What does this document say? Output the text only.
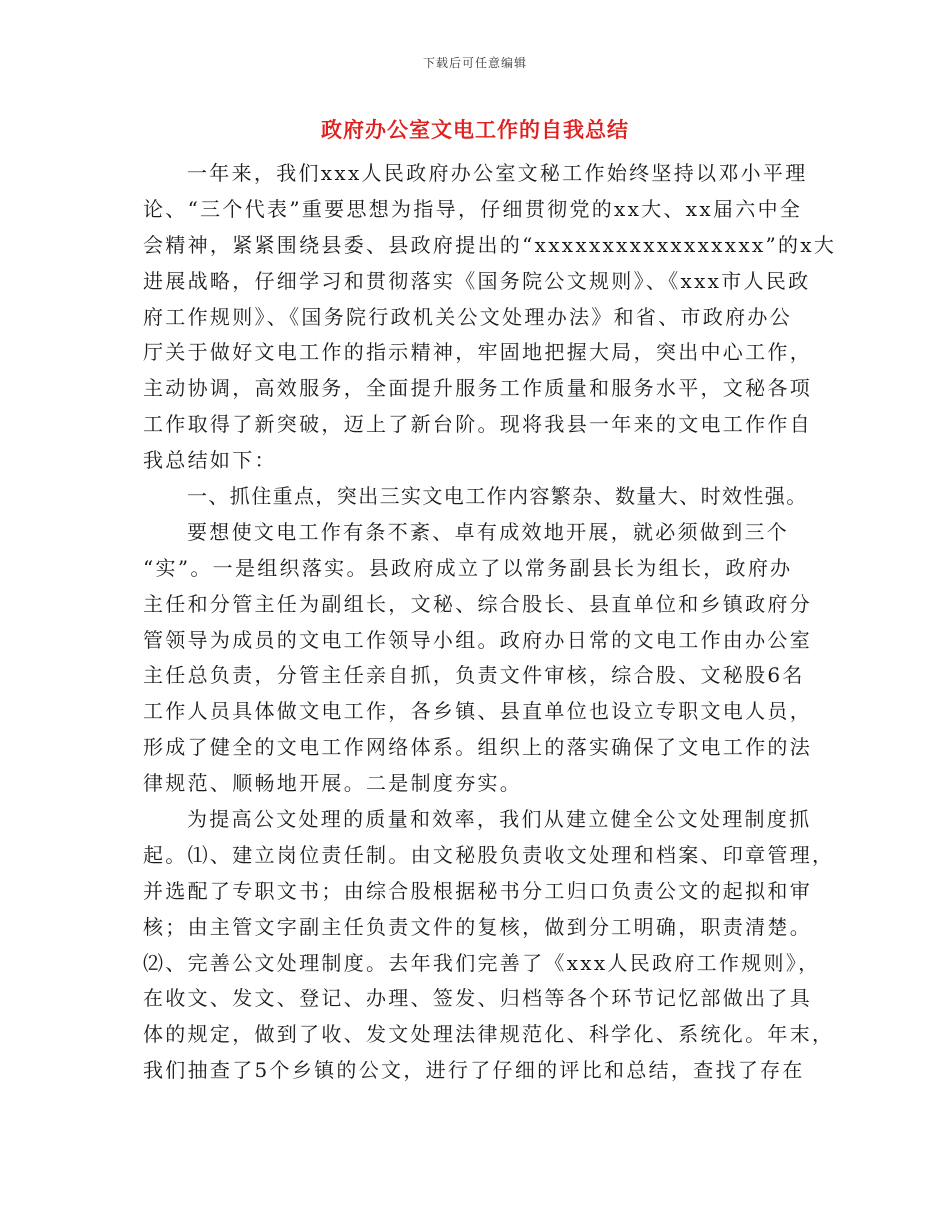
下载后可任意编辑
政府办公室文电工作的自我总结
一年来，我们xxx人民政府办公室文秘工作始终坚持以邓小平理
论、“三个代表”重要思想为指导，仔细贯彻党的xx大、xx届六中全
会精神，紧紧围绕县委、县政府提出的“xxxxxxxxxxxxxxxxx”的x大
进展战略，仔细学习和贯彻落实《国务院公文规则》、《xxx市人民政
府工作规则》、《国务院行政机关公文处理办法》和省、市政府办公
厅关于做好文电工作的指示精神，牢固地把握大局，突出中心工作，
主动协调，高效服务，全面提升服务工作质量和服务水平，文秘各项
工作取得了新突破，迈上了新台阶。现将我县一年来的文电工作作自
我总结如下：
一、抓住重点，突出三实文电工作内容繁杂、数量大、时效性强。
要想使文电工作有条不紊、卓有成效地开展，就必须做到三个
“实”。一是组织落实。县政府成立了以常务副县长为组长，政府办
主任和分管主任为副组长，文秘、综合股长、县直单位和乡镇政府分
管领导为成员的文电工作领导小组。政府办日常的文电工作由办公室
主任总负责，分管主任亲自抓，负责文件审核，综合股、文秘股6名
工作人员具体做文电工作，各乡镇、县直单位也设立专职文电人员，
形成了健全的文电工作网络体系。组织上的落实确保了文电工作的法
律规范、顺畅地开展。二是制度夯实。
为提高公文处理的质量和效率，我们从建立健全公文处理制度抓
起。⑴、建立岗位责任制。由文秘股负责收文处理和档案、印章管理，
并选配了专职文书；由综合股根据秘书分工归口负责公文的起拟和审
核；由主管文字副主任负责文件的复核，做到分工明确，职责清楚。
⑵、完善公文处理制度。去年我们完善了《xxx人民政府工作规则》，
在收文、发文、登记、办理、签发、归档等各个环节记忆部做出了具
体的规定，做到了收、发文处理法律规范化、科学化、系统化。年末，
我们抽查了5个乡镇的公文，进行了仔细的评比和总结，查找了存在
